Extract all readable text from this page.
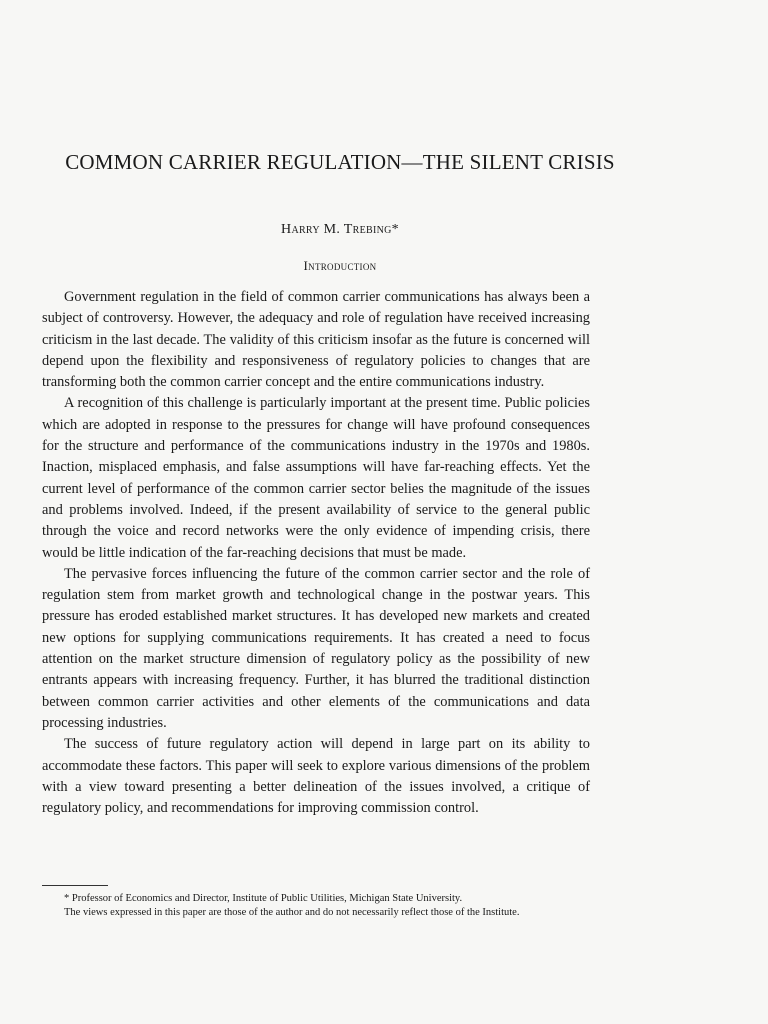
COMMON CARRIER REGULATION—THE SILENT CRISIS
Harry M. Trebing*
Introduction

Government regulation in the field of common carrier communications has always been a subject of controversy. However, the adequacy and role of regulation have received increasing criticism in the last decade. The validity of this criticism insofar as the future is concerned will depend upon the flexibility and responsiveness of regulatory policies to changes that are transforming both the common carrier concept and the entire communications industry.

A recognition of this challenge is particularly important at the present time. Public policies which are adopted in response to the pressures for change will have profound consequences for the structure and performance of the communications industry in the 1970s and 1980s. Inaction, misplaced emphasis, and false assumptions will have far-reaching effects. Yet the current level of performance of the common carrier sector belies the magnitude of the issues and problems involved. Indeed, if the present availability of service to the general public through the voice and record networks were the only evidence of impending crisis, there would be little indication of the far-reaching decisions that must be made.

The pervasive forces influencing the future of the common carrier sector and the role of regulation stem from market growth and technological change in the postwar years. This pressure has eroded established market structures. It has developed new markets and created new options for supplying communications requirements. It has created a need to focus attention on the market structure dimension of regulatory policy as the possibility of new entrants appears with increasing frequency. Further, it has blurred the traditional distinction between common carrier activities and other elements of the communications and data processing industries.

The success of future regulatory action will depend in large part on its ability to accommodate these factors. This paper will seek to explore various dimensions of the problem with a view toward presenting a better delineation of the issues involved, a critique of regulatory policy, and recommendations for improving commission control.

* Professor of Economics and Director, Institute of Public Utilities, Michigan State University.

The views expressed in this paper are those of the author and do not necessarily reflect those of the Institute.
